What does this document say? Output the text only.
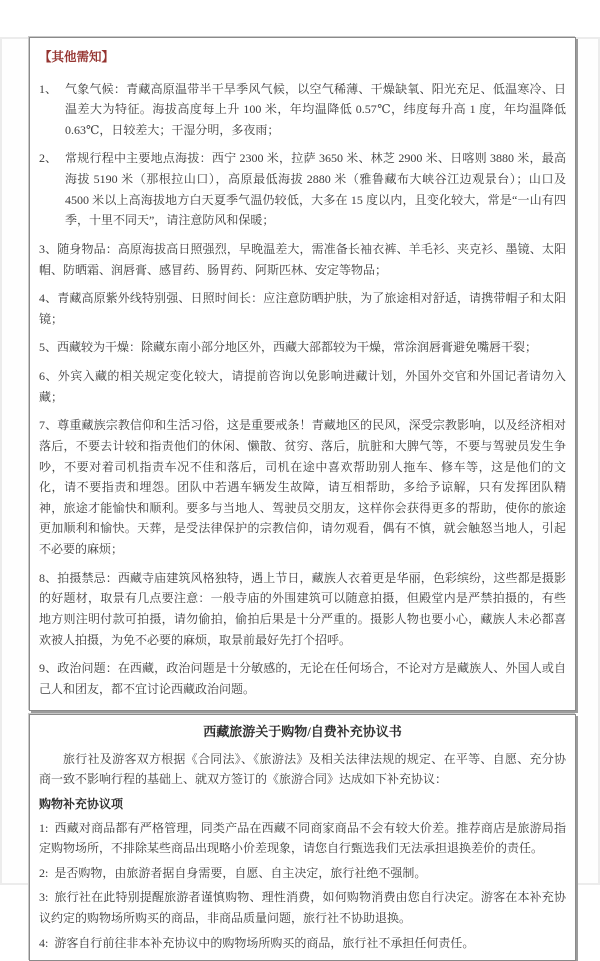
【其他需知】

1、 气象气候：青藏高原温带半干旱季风气候，以空气稀薄、干燥缺氧、阳光充足、低温寒冷、日温差大为特征。海拔高度每上升 100 米，年均温降低 0.57℃，纬度每升高 1 度，年均温降低 0.63℃，日较差大；干湿分明，多夜雨；

2、 常规行程中主要地点海拔：西宁 2300 米，拉萨 3650 米、林芝 2900 米、日喀则 3880 米，最高海拔 5190 米（那根拉山口），高原最低海拔 2880 米（雅鲁藏布大峡谷江边观景台）；山口及 4500 米以上高海拔地方白天夏季气温仍较低，大多在 15 度以内，且变化较大，常是“一山有四季，十里不同天”，请注意防风和保暖；

3、随身物品：高原海拔高日照强烈，早晚温差大，需准备长袖衣裤、羊毛衫、夹克衫、墨镜、太阳帽、防晒霜、润唇膏、感冒药、肠胃药、阿斯匹林、安定等物品；

4、青藏高原紫外线特别强、日照时间长：应注意防晒护肤，为了旅途相对舒适，请携带帽子和太阳镜；

5、西藏较为干燥：除藏东南小部分地区外，西藏大部都较为干燥，常涂润唇膏避免嘴唇干裂；

6、外宾入藏的相关规定变化较大，请提前咨询以免影响进藏计划，外国外交官和外国记者请勿入藏；

7、尊重藏族宗教信仰和生活习俗，这是重要戒条！青藏地区的民风，深受宗教影响，以及经济相对落后，不要去计较和指责他们的休闲、懒散、贫穷、落后，肮脏和大脾气等，不要与驾驶员发生争吵，不要对着司机指责车况不佳和落后，司机在途中喜欢帮助别人拖车、修车等，这是他们的文化，请不要指责和埋怨。团队中若遇车辆发生故障，请互相帮助，多给予谅解，只有发挥团队精神，旅途才能愉快和顺利。要多与当地人、驾驶员交朋友，这样你会获得更多的帮助，使你的旅途更加顺利和愉快。天葬，是受法律保护的宗教信仰，请勿观看，偶有不慎，就会触怒当地人，引起不必要的麻烦；

8、拍摄禁忌：西藏寺庙建筑风格独特，遇上节日，藏族人衣着更是华丽，色彩缤纷，这些都是摄影的好题材，取景有几点要注意：一般寺庙的外围建筑可以随意拍摄，但殿堂内是严禁拍摄的，有些地方则注明付款可拍摄，请勿偷拍，偷拍后果是十分严重的。摄影人物也要小心，藏族人未必都喜欢被人拍摄，为免不必要的麻烦，取景前最好先打个招呼。

9、政治问题：在西藏，政治问题是十分敏感的，无论在任何场合，不论对方是藏族人、外国人或自己人和团友，都不宜讨论西藏政治问题。

西藏旅游关于购物/自费补充协议书

旅行社及游客双方根据《合同法》、《旅游法》及相关法律法规的规定、在平等、自愿、充分协商一致不影响行程的基础上、就双方签订的《旅游合同》达成如下补充协议：

购物补充协议项

1: 西藏对商品都有严格管理，同类产品在西藏不同商家商品不会有较大价差。推荐商店是旅游局指定购物场所，不排除某些商品出现略小价差现象，请您自行甄选我们无法承担退换差价的责任。

2: 是否购物，由旅游者据自身需要，自愿、自主决定，旅行社绝不强制。

3: 旅行社在此特别提醒旅游者谨慎购物、理性消费，如何购物消费由您自行决定。游客在本补充协议约定的购物场所购买的商品，非商品质量问题，旅行社不协助退换。

4: 游客自行前往非本补充协议中的购物场所购买的商品，旅行社不承担任何责任。
